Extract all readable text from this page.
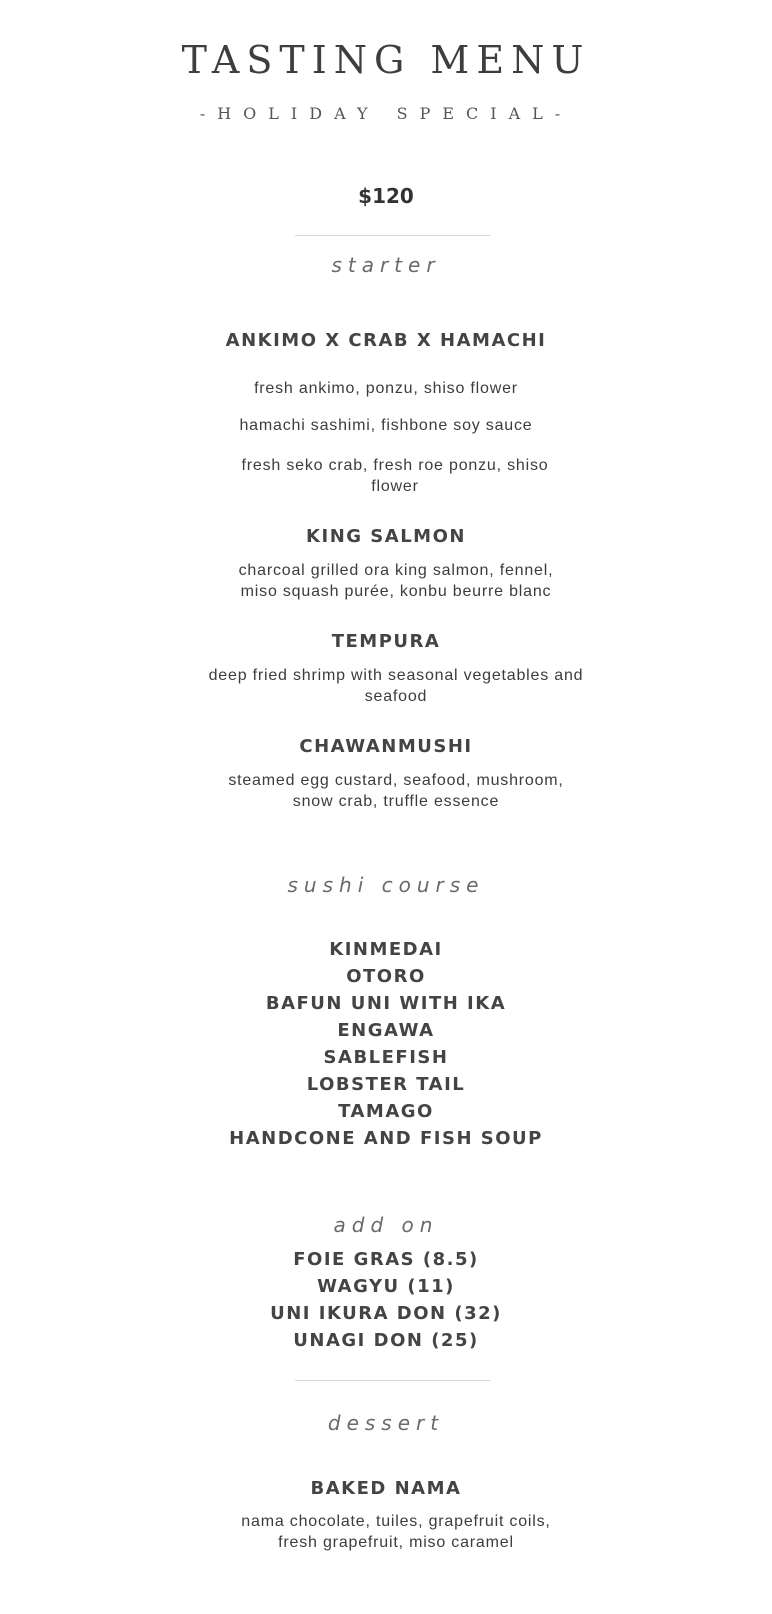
TASTING MENU
-HOLIDAY SPECIAL-
$120
starter
ANKIMO X CRAB X HAMACHI
fresh ankimo, ponzu, shiso flower
hamachi sashimi, fishbone soy sauce
fresh seko crab, fresh roe ponzu, shiso flower
KING SALMON
charcoal grilled ora king salmon, fennel, miso squash purée, konbu beurre blanc
TEMPURA
deep fried shrimp with seasonal vegetables and seafood
CHAWANMUSHI
steamed egg custard, seafood, mushroom, snow crab, truffle essence
sushi course
KINMEDAI
OTORO
BAFUN UNI WITH IKA
ENGAWA
SABLEFISH
LOBSTER TAIL
TAMAGO
HANDCONE AND FISH SOUP
add on
FOIE GRAS (8.5)
WAGYU (11)
UNI IKURA DON (32)
UNAGI DON (25)
dessert
BAKED NAMA
nama chocolate, tuiles, grapefruit coils, fresh grapefruit, miso caramel
